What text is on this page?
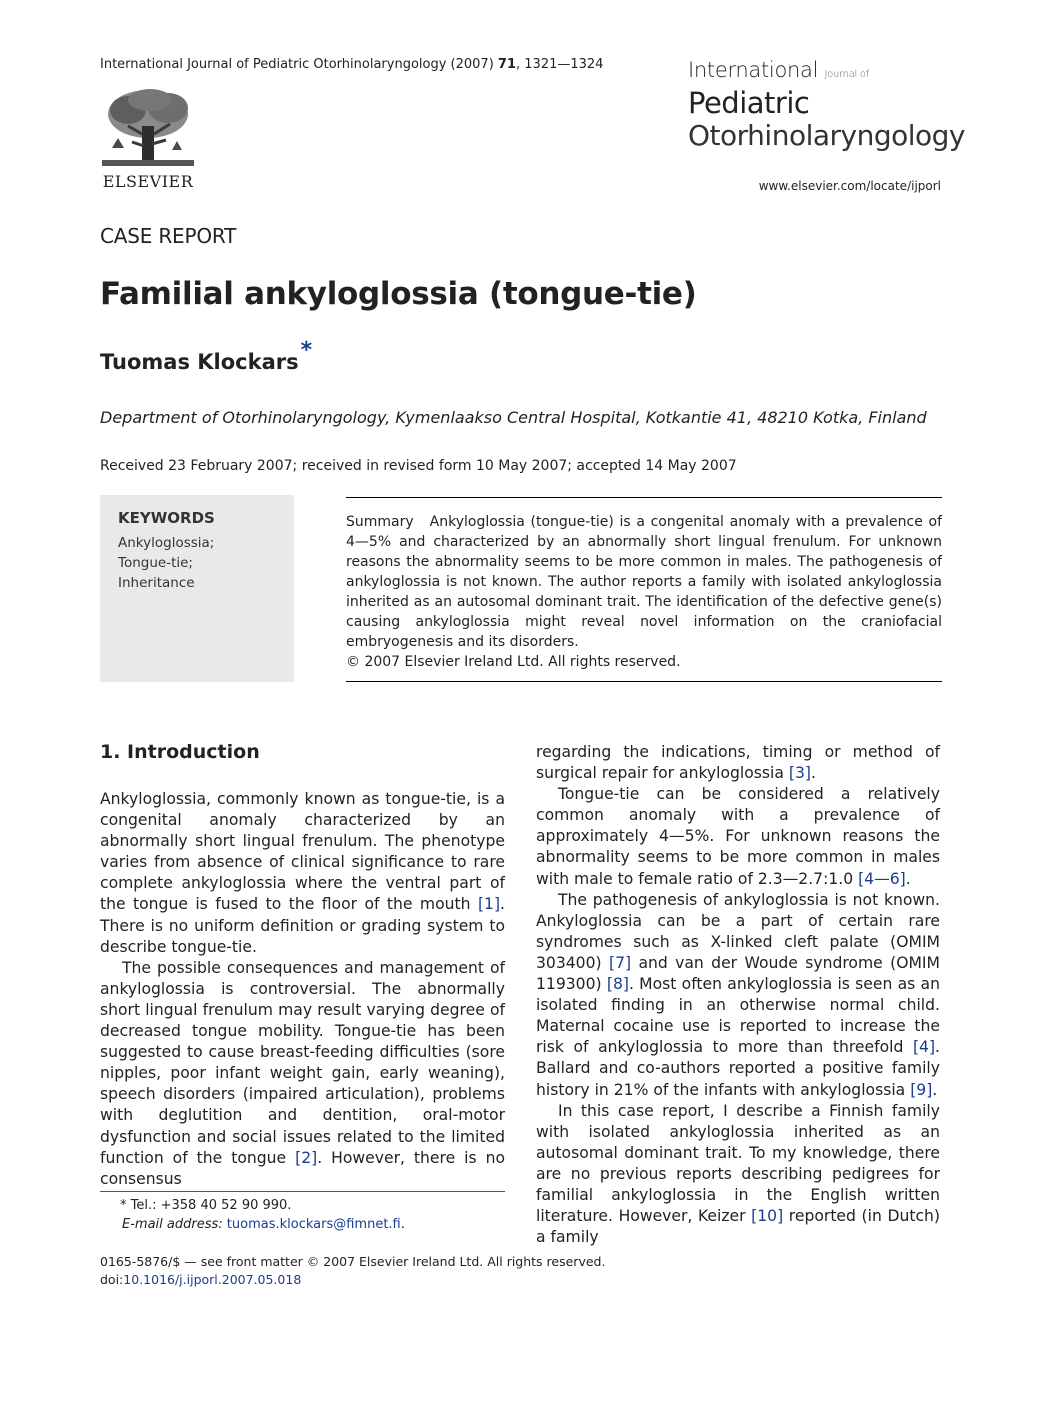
International Journal of Pediatric Otorhinolaryngology (2007) 71, 1321—1324
ELSEVIER
International Journal of
Pediatric
Otorhinolaryngology
www.elsevier.com/locate/ijporl
CASE REPORT
Familial ankyloglossia (tongue-tie)
Tuomas Klockars*
Department of Otorhinolaryngology, Kymenlaakso Central Hospital, Kotkantie 41, 48210 Kotka, Finland
Received 23 February 2007; received in revised form 10 May 2007; accepted 14 May 2007
KEYWORDS
Ankyloglossia;
Tongue-tie;
Inheritance
Summary Ankyloglossia (tongue-tie) is a congenital anomaly with a prevalence of 4—5% and characterized by an abnormally short lingual frenulum. For unknown reasons the abnormality seems to be more common in males. The pathogenesis of ankyloglossia is not known. The author reports a family with isolated ankyloglossia inherited as an autosomal dominant trait. The identification of the defective gene(s) causing ankyloglossia might reveal novel information on the craniofacial embryogenesis and its disorders.
© 2007 Elsevier Ireland Ltd. All rights reserved.
1. Introduction

Ankyloglossia, commonly known as tongue-tie, is a congenital anomaly characterized by an abnormally short lingual frenulum. The phenotype varies from absence of clinical significance to rare complete ankyloglossia where the ventral part of the tongue is fused to the floor of the mouth [1]. There is no uniform definition or grading system to describe tongue-tie.

The possible consequences and management of ankyloglossia is controversial. The abnormally short lingual frenulum may result varying degree of decreased tongue mobility. Tongue-tie has been suggested to cause breast-feeding difficulties (sore nipples, poor infant weight gain, early weaning), speech disorders (impaired articulation), problems with deglutition and dentition, oral-motor dysfunction and social issues related to the limited function of the tongue [2]. However, there is no consensus

regarding the indications, timing or method of surgical repair for ankyloglossia [3].

Tongue-tie can be considered a relatively common anomaly with a prevalence of approximately 4—5%. For unknown reasons the abnormality seems to be more common in males with male to female ratio of 2.3—2.7:1.0 [4—6].

The pathogenesis of ankyloglossia is not known. Ankyloglossia can be a part of certain rare syndromes such as X-linked cleft palate (OMIM 303400) [7] and van der Woude syndrome (OMIM 119300) [8]. Most often ankyloglossia is seen as an isolated finding in an otherwise normal child. Maternal cocaine use is reported to increase the risk of ankyloglossia to more than threefold [4]. Ballard and co-authors reported a positive family history in 21% of the infants with ankyloglossia [9].

In this case report, I describe a Finnish family with isolated ankyloglossia inherited as an autosomal dominant trait. To my knowledge, there are no previous reports describing pedigrees for familial ankyloglossia in the English written literature. However, Keizer [10] reported (in Dutch) a family

* Tel.: +358 40 52 90 990.
E-mail address: tuomas.klockars@fimnet.fi.
0165-5876/$ — see front matter © 2007 Elsevier Ireland Ltd. All rights reserved.
doi:10.1016/j.ijporl.2007.05.018
